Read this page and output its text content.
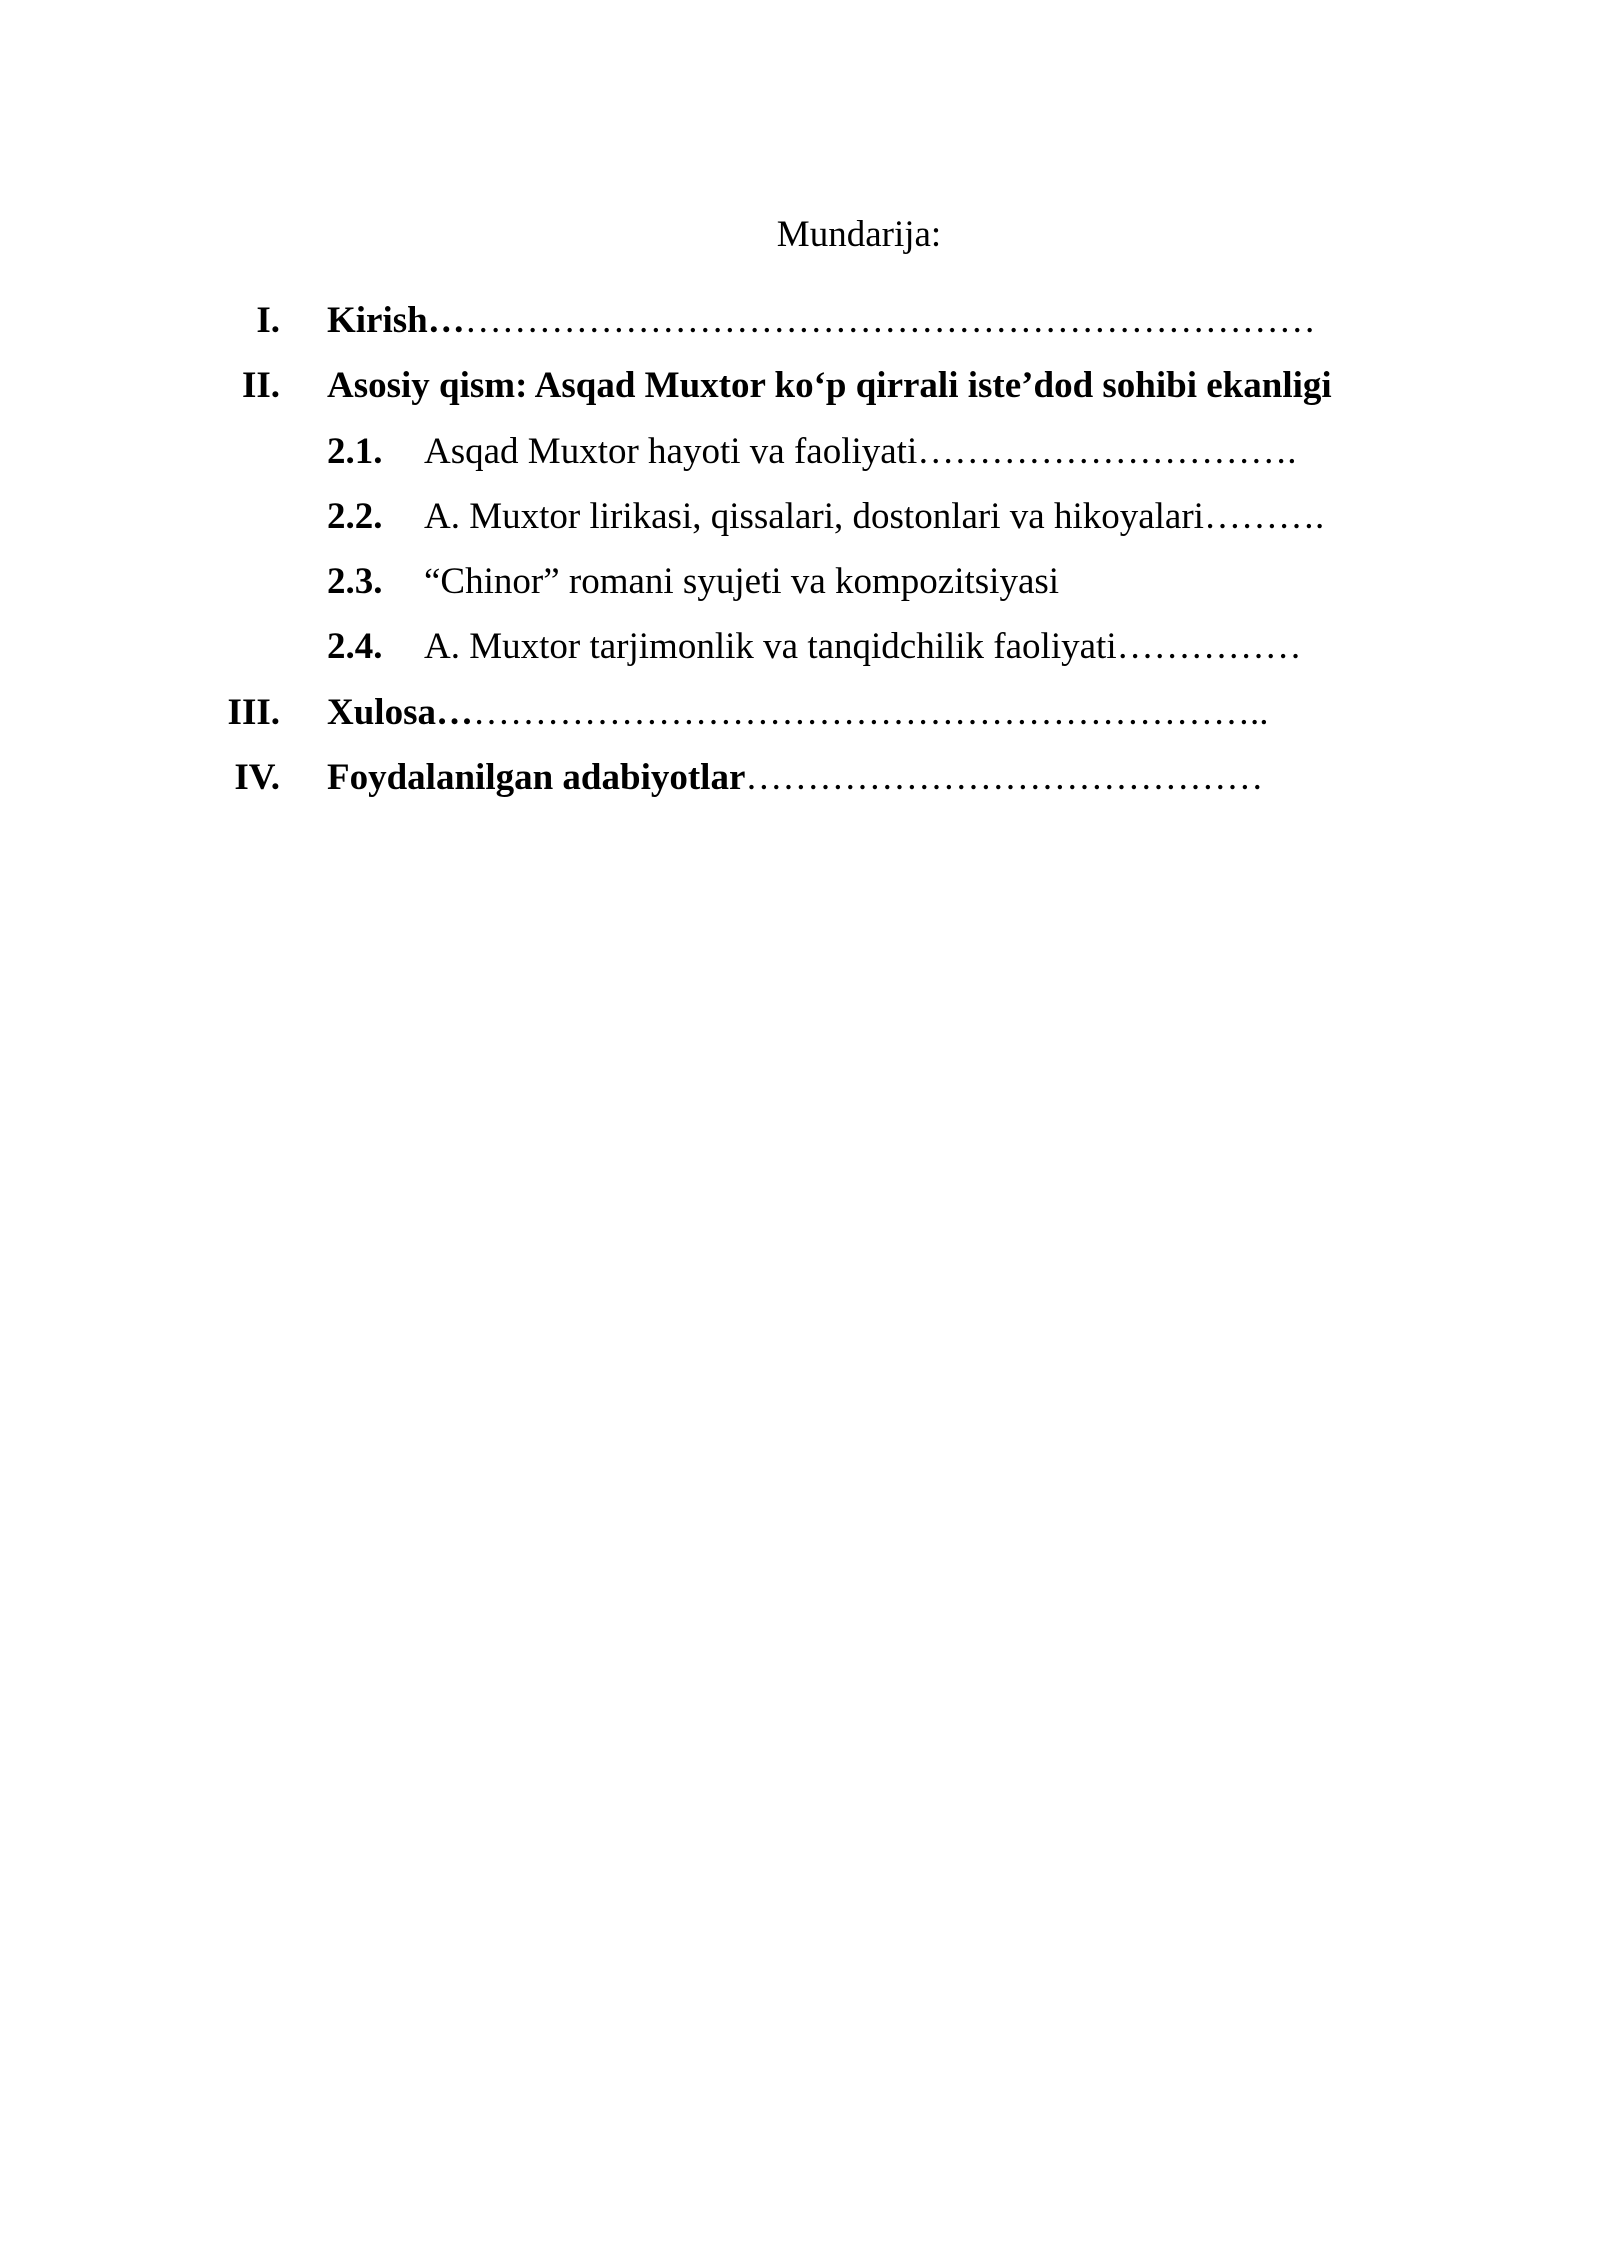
Mundarija:
I. Kirish………………………………………………………………
II. Asosiy qism: Asqad Muxtor ko‘p qirrali iste’dod sohibi ekanligi
2.1. Asqad Muxtor hayoti va faoliyati………………………….
2.2. A. Muxtor lirikasi, qissalari, dostonlari va hikoyalari……….
2.3. “Chinor” romani syujeti va kompozitsiyasi
2.4. A. Muxtor tarjimonlik va tanqidchilik faoliyati……………
III. Xulosa…………………………………………………………..
IV. Foydalanilgan adabiyotlar……………………………………
